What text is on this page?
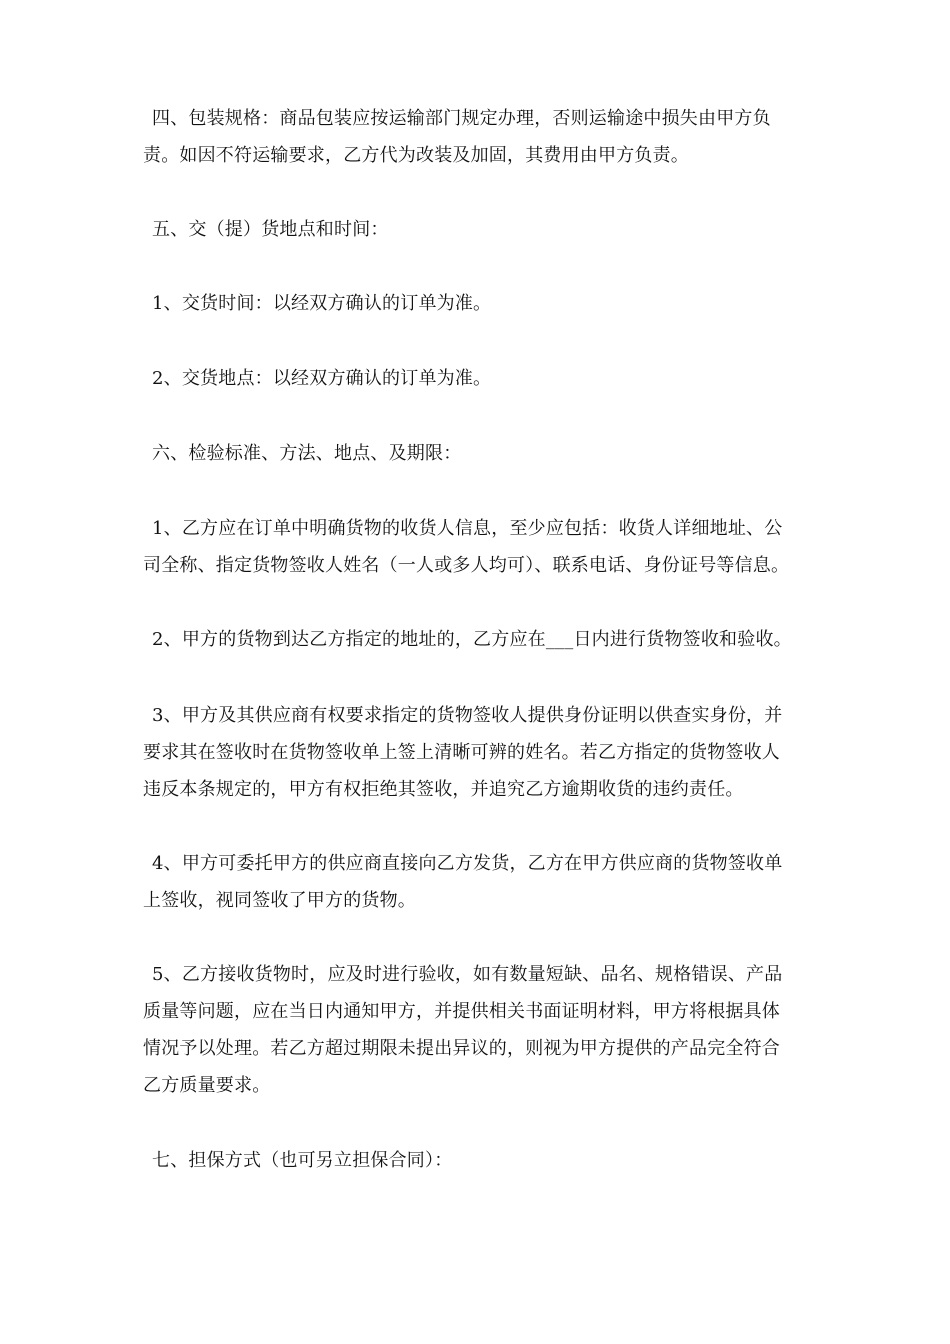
四、包装规格：商品包装应按运输部门规定办理，否则运输途中损失由甲方负
责。如因不符运输要求，乙方代为改装及加固，其费用由甲方负责。

五、交（提）货地点和时间：

1、交货时间：以经双方确认的订单为准。

2、交货地点：以经双方确认的订单为准。

六、检验标准、方法、地点、及期限：

1、乙方应在订单中明确货物的收货人信息，至少应包括：收货人详细地址、公
司全称、指定货物签收人姓名（一人或多人均可）、联系电话、身份证号等信息。

2、甲方的货物到达乙方指定的地址的，乙方应在___日内进行货物签收和验收。

3、甲方及其供应商有权要求指定的货物签收人提供身份证明以供查实身份，并
要求其在签收时在货物签收单上签上清晰可辨的姓名。若乙方指定的货物签收人
违反本条规定的，甲方有权拒绝其签收，并追究乙方逾期收货的违约责任。

4、甲方可委托甲方的供应商直接向乙方发货，乙方在甲方供应商的货物签收单
上签收，视同签收了甲方的货物。

5、乙方接收货物时，应及时进行验收，如有数量短缺、品名、规格错误、产品
质量等问题，应在当日内通知甲方，并提供相关书面证明材料，甲方将根据具体
情况予以处理。若乙方超过期限未提出异议的，则视为甲方提供的产品完全符合
乙方质量要求。

七、担保方式（也可另立担保合同）：
